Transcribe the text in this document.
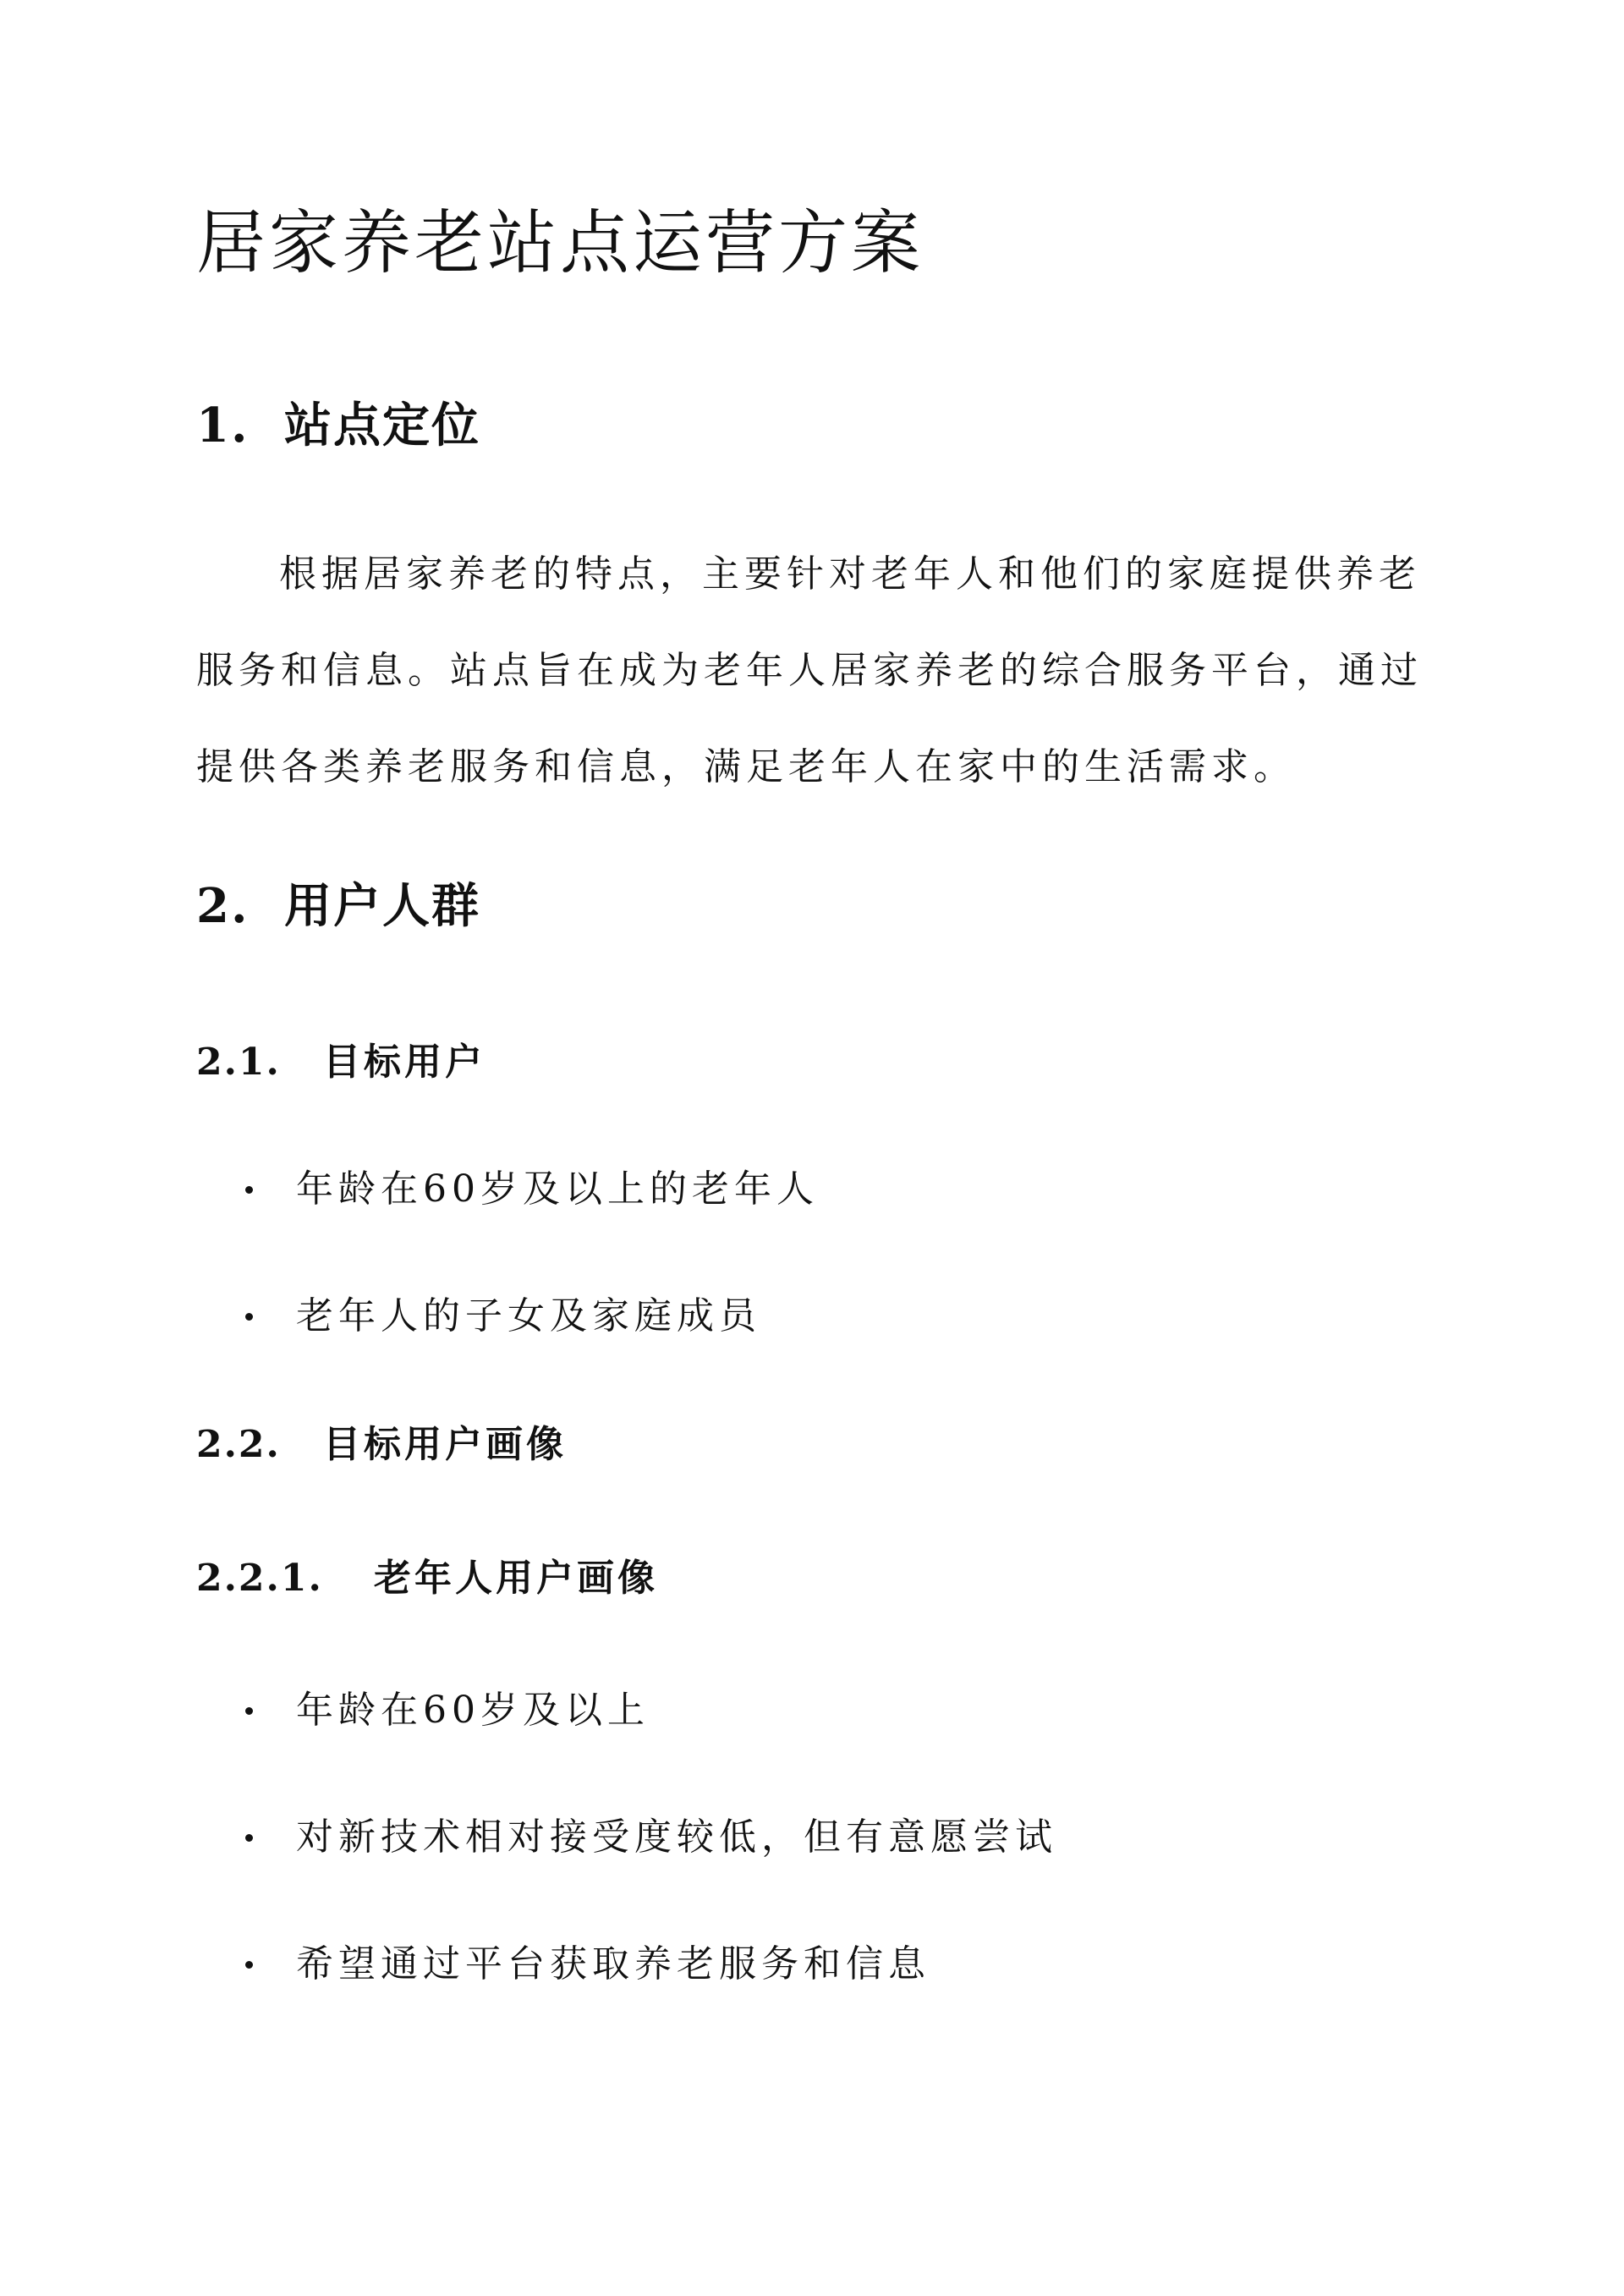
居家养老站点运营方案
1. 站点定位

根据居家养老的特点，主要针对老年人和他们的家庭提供养老
服务和信息。站点旨在成为老年人居家养老的综合服务平台，通过
提供各类养老服务和信息，满足老年人在家中的生活需求。

2. 用户人群
2.1. 目标用户
年龄在60岁及以上的老年人
老年人的子女及家庭成员
2.2. 目标用户画像
2.2.1. 老年人用户画像
年龄在60岁及以上
对新技术相对接受度较低，但有意愿尝试
希望通过平台获取养老服务和信息
